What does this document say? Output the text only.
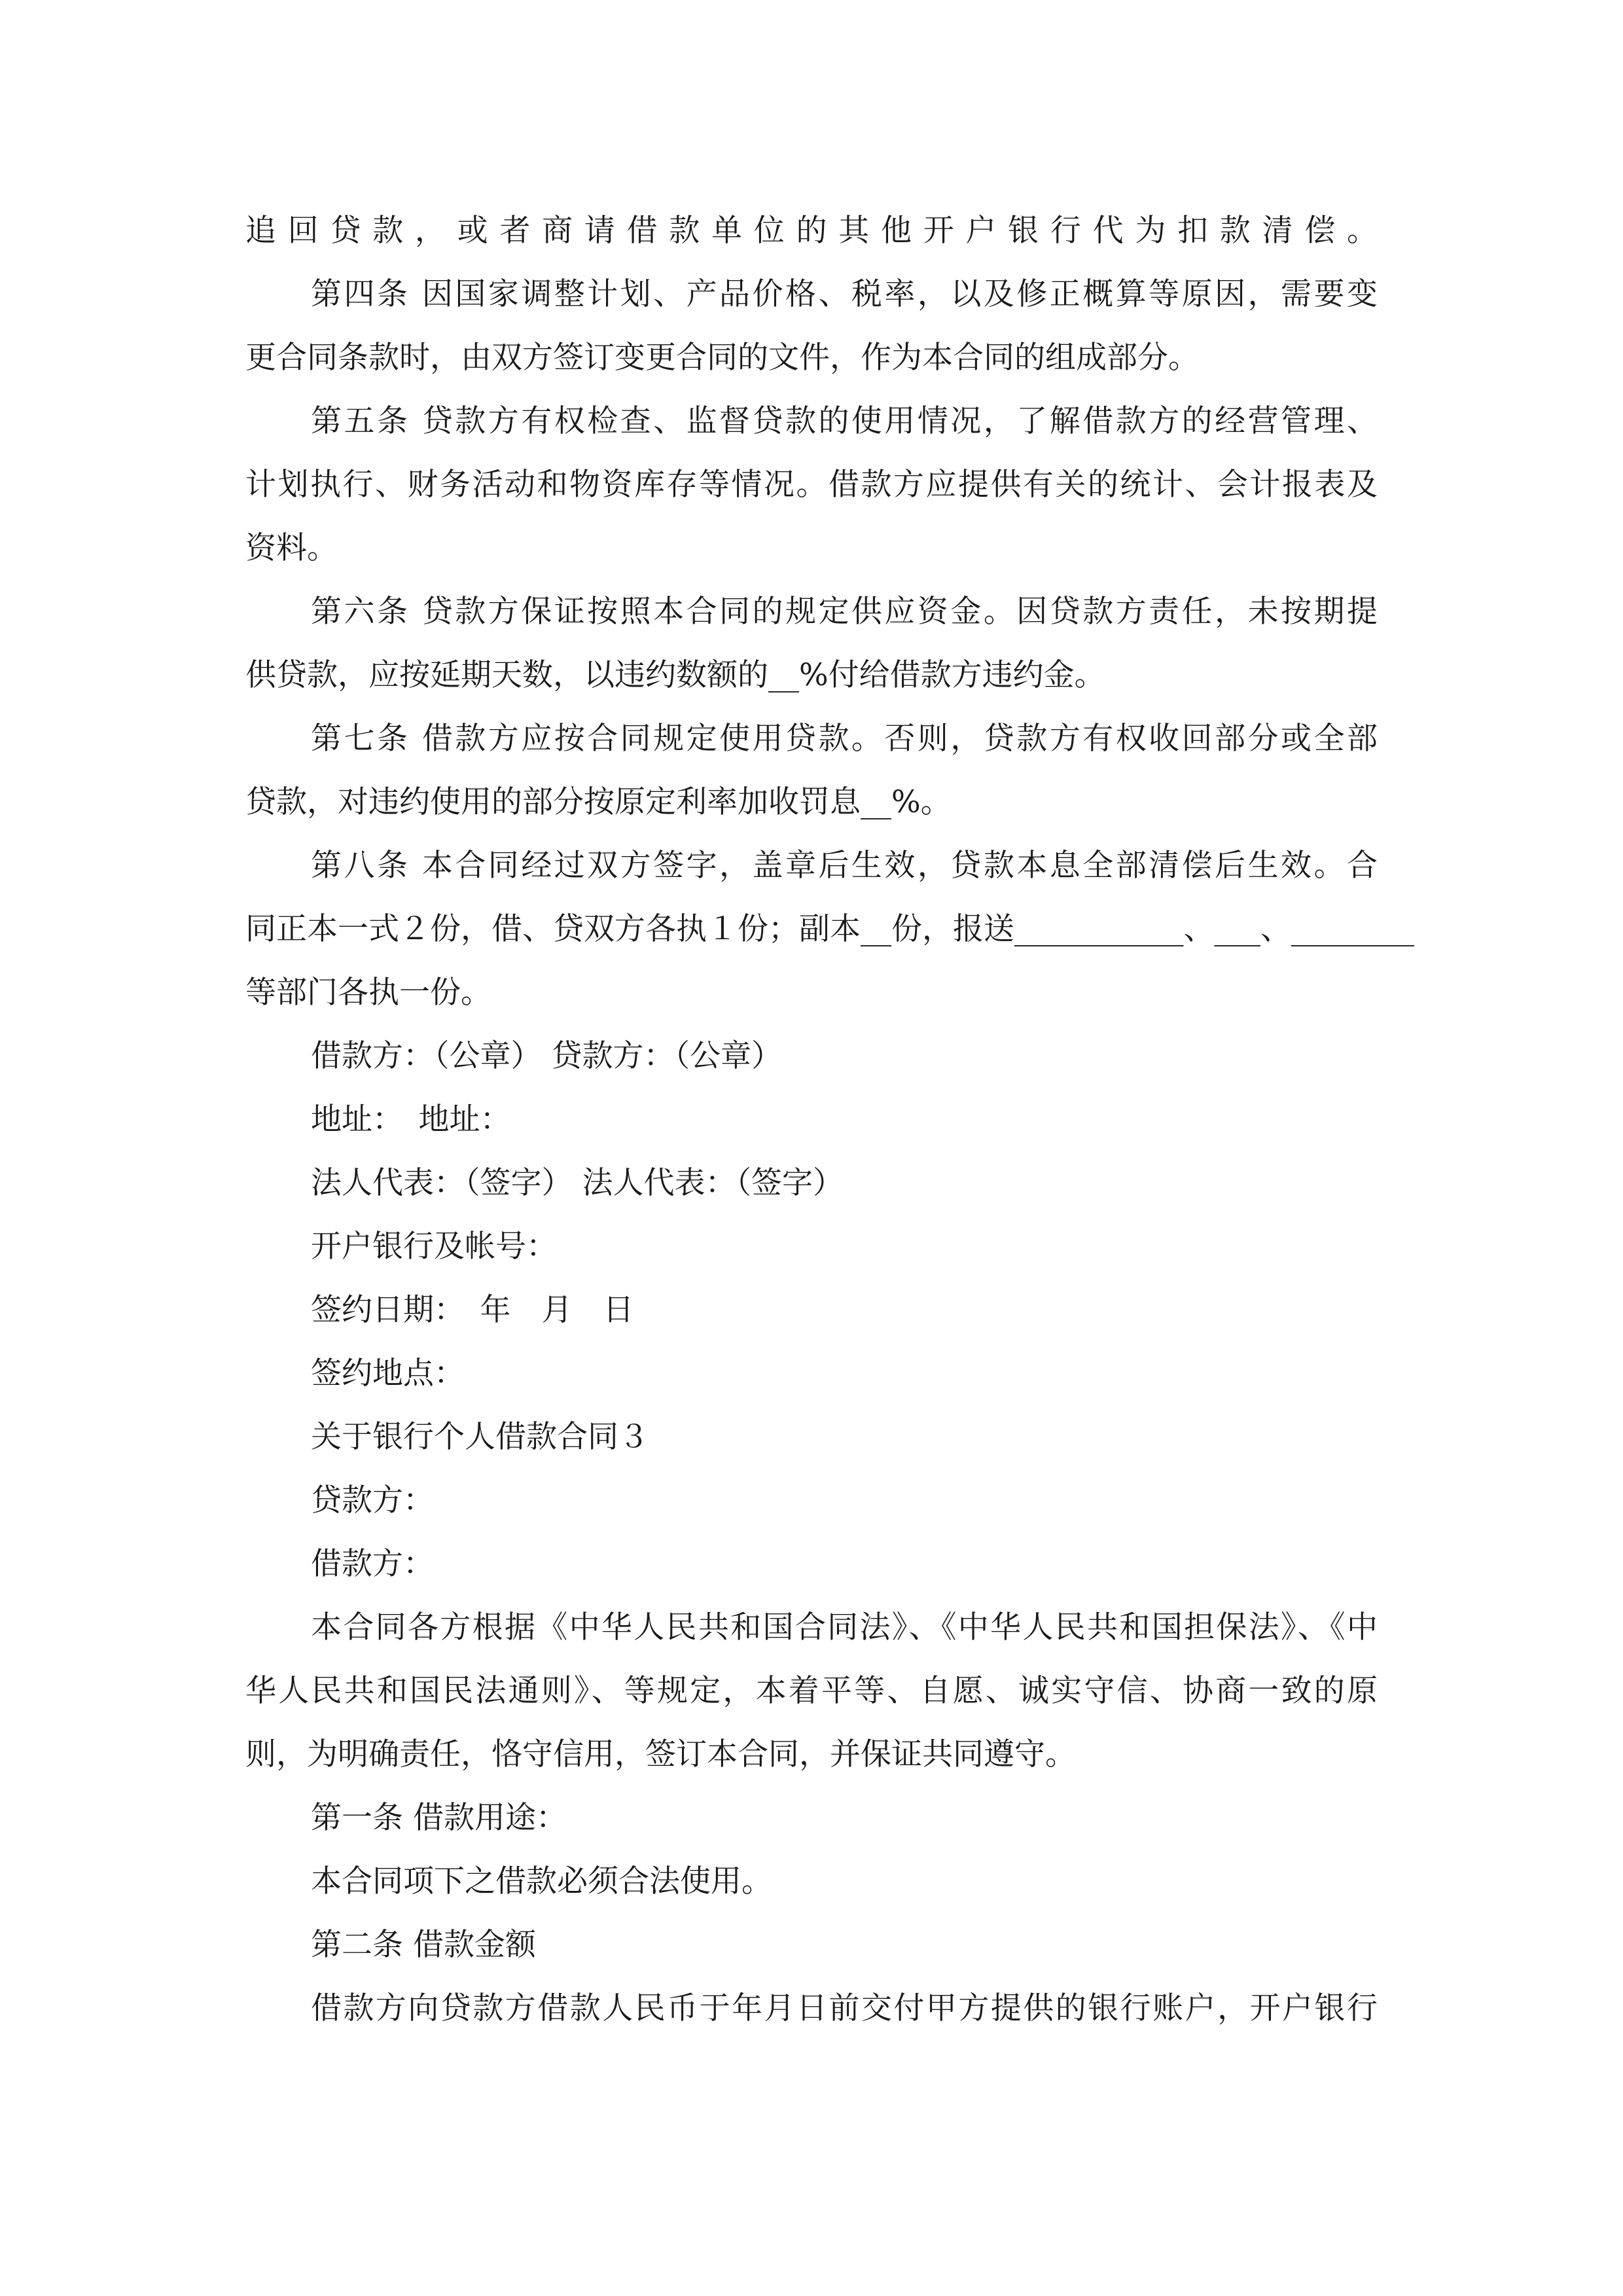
追回贷款，或者商请借款单位的其他开户银行代为扣款清偿。
第四条 因国家调整计划、产品价格、税率，以及修正概算等原因，需要变
更合同条款时，由双方签订变更合同的文件，作为本合同的组成部分。
第五条 贷款方有权检查、监督贷款的使用情况，了解借款方的经营管理、
计划执行、财务活动和物资库存等情况。借款方应提供有关的统计、会计报表及
资料。
第六条 贷款方保证按照本合同的规定供应资金。因贷款方责任，未按期提
供贷款，应按延期天数，以违约数额的__%付给借款方违约金。
第七条 借款方应按合同规定使用贷款。否则，贷款方有权收回部分或全部
贷款，对违约使用的部分按原定利率加收罚息__%。
第八条 本合同经过双方签字，盖章后生效，贷款本息全部清偿后生效。合
同正本一式２份，借、贷双方各执１份；副本__份，报送___________、___、________
等部门各执一份。
借款方：（公章） 贷款方：（公章）
地址：　地址：
法人代表：（签字） 法人代表：（签字）
开户银行及帐号：
签约日期：　年　月　日
签约地点：
关于银行个人借款合同３
贷款方：
借款方：
本合同各方根据《中华人民共和国合同法》、《中华人民共和国担保法》、《中
华人民共和国民法通则》、等规定，本着平等、自愿、诚实守信、协商一致的原
则，为明确责任，恪守信用，签订本合同，并保证共同遵守。
第一条 借款用途：
本合同项下之借款必须合法使用。
第二条 借款金额
借款方向贷款方借款人民币于年月日前交付甲方提供的银行账户，开户银行
